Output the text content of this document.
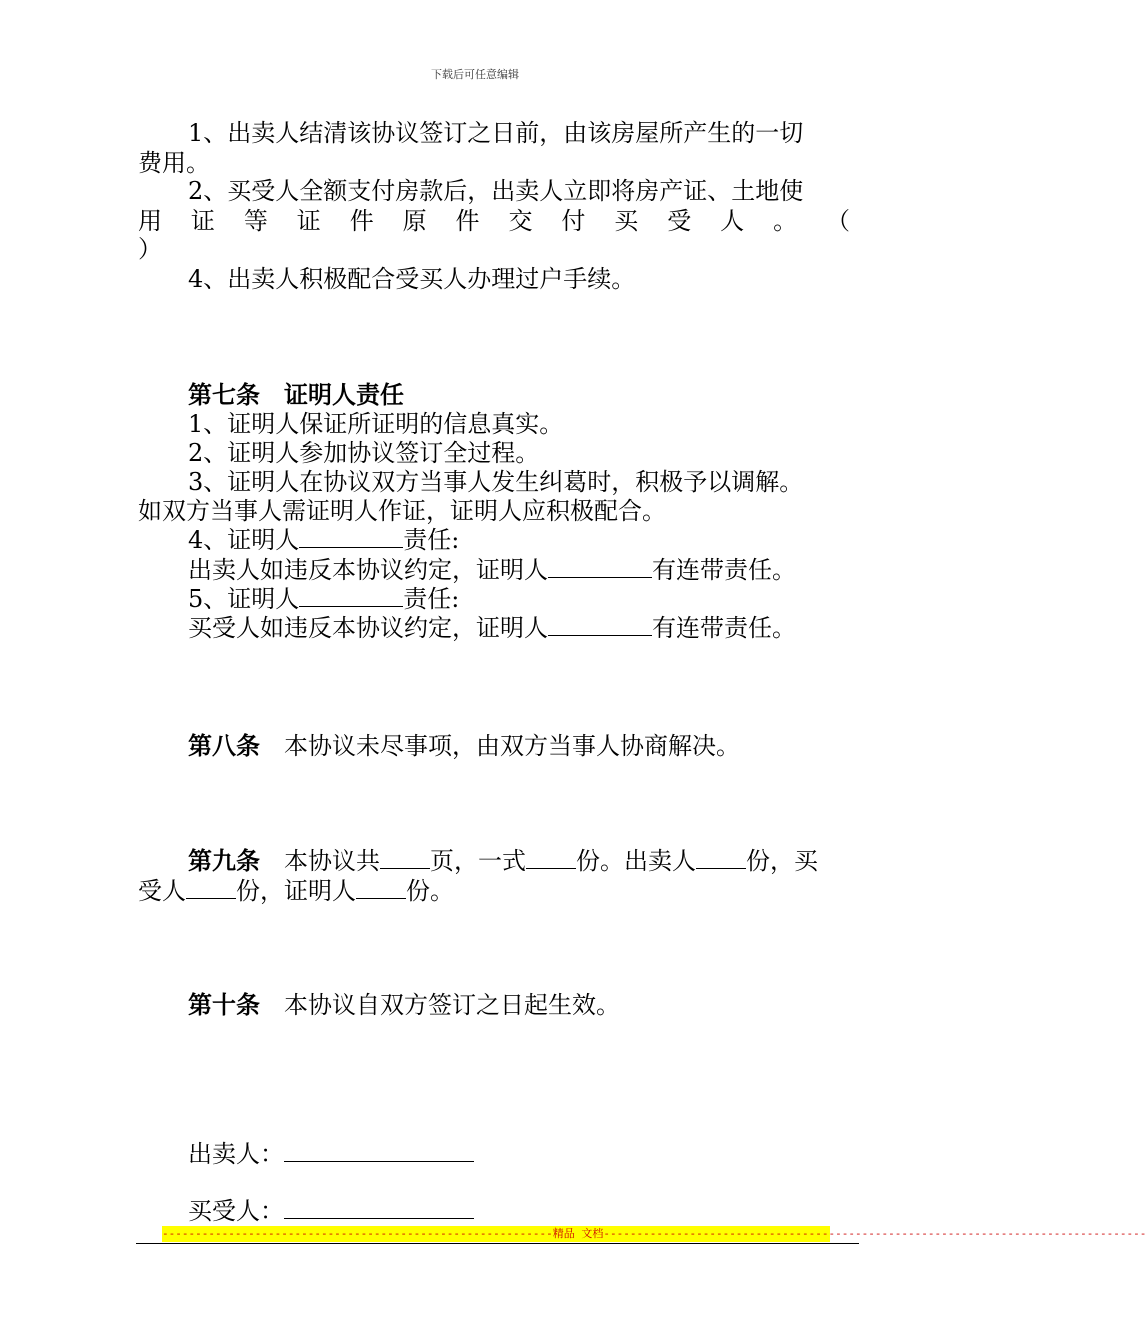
下载后可任意编辑
1、出卖人结清该协议签订之日前，由该房屋所产生的一切
费用。
2、买受人全额支付房款后，出卖人立即将房产证、土地使
用 证 等 证 件 原 件 交 付 买 受 人 。 （
）
4、出卖人积极配合受买人办理过户手续。
第七条　证明人责任
1、证明人保证所证明的信息真实。
2、证明人参加协议签订全过程。
3、证明人在协议双方当事人发生纠葛时，积极予以调解。
如双方当事人需证明人作证，证明人应积极配合。
4、证明人	责任:
出卖人如违反本协议约定，证明人	有连带责任。
5、证明人	责任:
买受人如违反本协议约定，证明人	有连带责任。
第八条　本协议未尽事项，由双方当事人协商解决。
第九条　本协议共 页，一式 份。出卖人 份，买
受人 份，证明人 份。
第十条　本协议自双方签订之日起生效。
出卖人：
买受人：
-----------------------------------------------------------精品 文档----------------------------------------------------------------------------------
